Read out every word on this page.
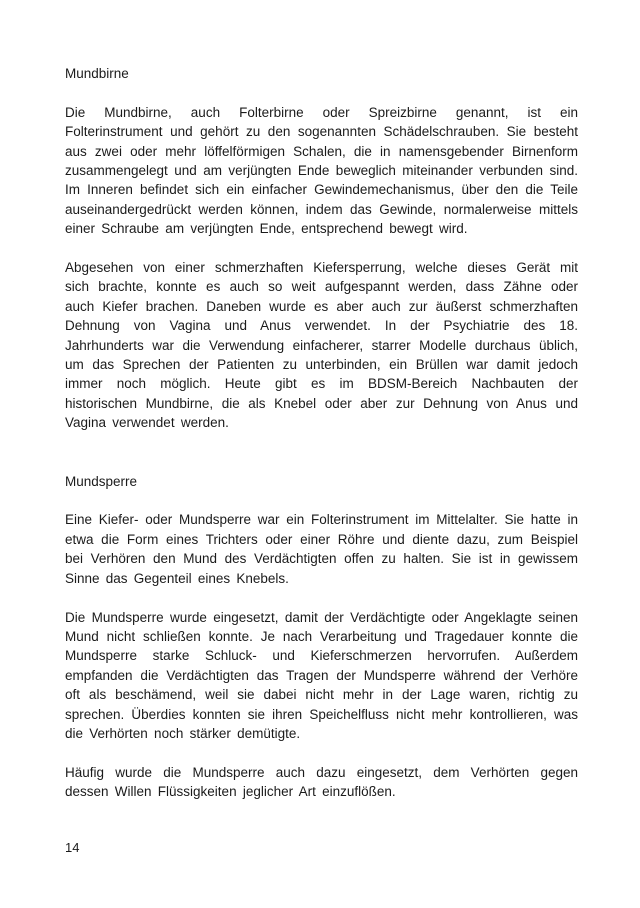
Mundbirne

Die Mundbirne, auch Folterbirne oder Spreizbirne genannt, ist ein Folterinstrument und gehört zu den sogenannten Schädelschrauben. Sie besteht aus zwei oder mehr löffelförmigen Schalen, die in namensgebender Birnenform zusammengelegt und am verjüngten Ende beweglich miteinander verbunden sind. Im Inneren befindet sich ein einfacher Gewindemechanismus, über den die Teile auseinandergedrückt werden können, indem das Gewinde, normalerweise mittels einer Schraube am verjüngten Ende, entsprechend bewegt wird.

Abgesehen von einer schmerzhaften Kiefersperrung, welche dieses Gerät mit sich brachte, konnte es auch so weit aufgespannt werden, dass Zähne oder auch Kiefer brachen. Daneben wurde es aber auch zur äußerst schmerzhaften Dehnung von Vagina und Anus verwendet. In der Psychiatrie des 18. Jahrhunderts war die Verwendung einfacherer, starrer Modelle durchaus üblich, um das Sprechen der Patienten zu unterbinden, ein Brüllen war damit jedoch immer noch möglich. Heute gibt es im BDSM-Bereich Nachbauten der historischen Mundbirne, die als Knebel oder aber zur Dehnung von Anus und Vagina verwendet werden.

Mundsperre

Eine Kiefer- oder Mundsperre war ein Folterinstrument im Mittelalter. Sie hatte in etwa die Form eines Trichters oder einer Röhre und diente dazu, zum Beispiel bei Verhören den Mund des Verdächtigten offen zu halten. Sie ist in gewissem Sinne das Gegenteil eines Knebels.

Die Mundsperre wurde eingesetzt, damit der Verdächtigte oder Angeklagte seinen Mund nicht schließen konnte. Je nach Verarbeitung und Tragedauer konnte die Mundsperre starke Schluck- und Kieferschmerzen hervorrufen. Außerdem empfanden die Verdächtigten das Tragen der Mundsperre während der Verhöre oft als beschämend, weil sie dabei nicht mehr in der Lage waren, richtig zu sprechen. Überdies konnten sie ihren Speichelfluss nicht mehr kontrollieren, was die Verhörten noch stärker demütigte.

Häufig wurde die Mundsperre auch dazu eingesetzt, dem Verhörten gegen dessen Willen Flüssigkeiten jeglicher Art einzuflößen.

14
